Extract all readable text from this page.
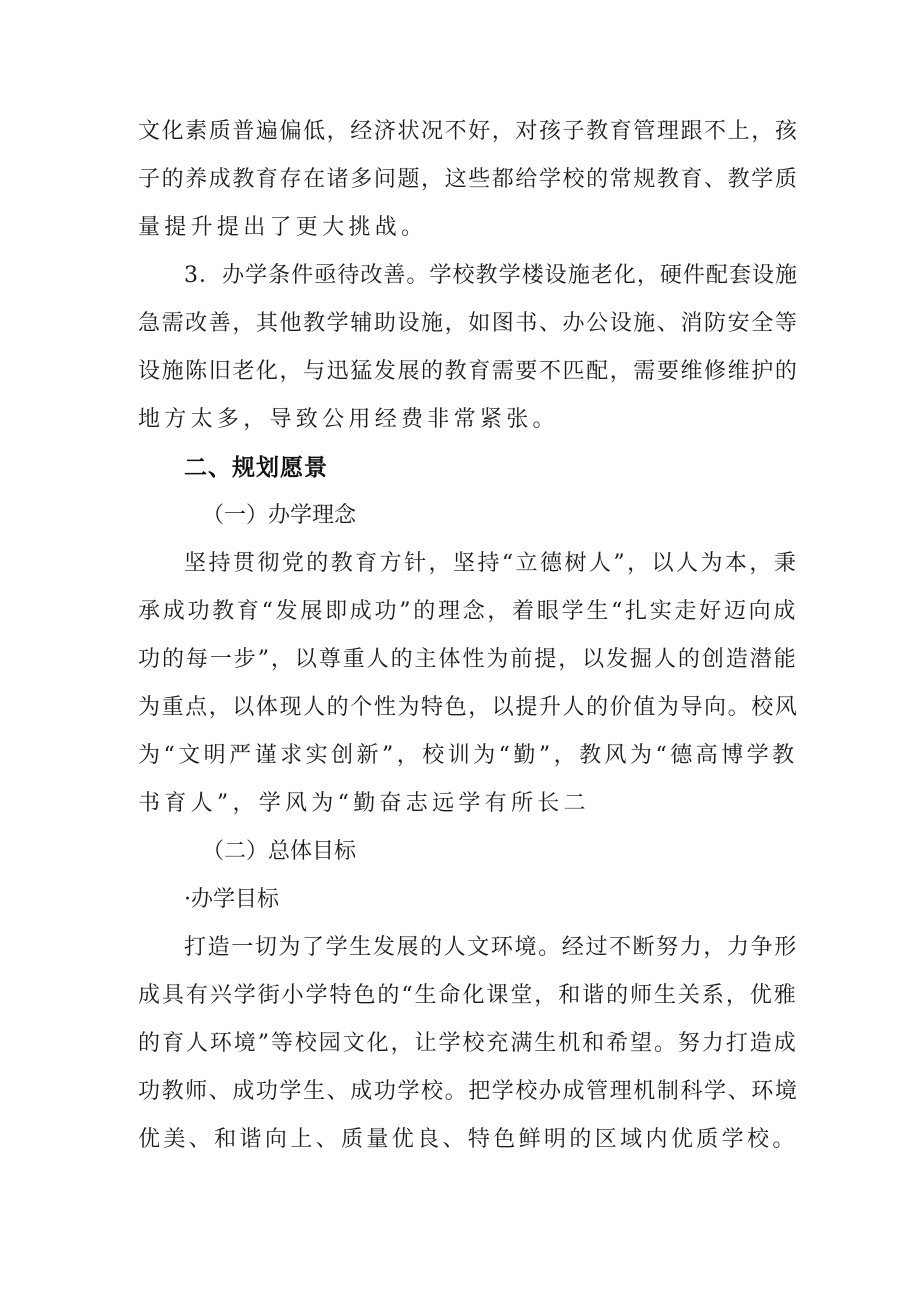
文化素质普遍偏低，经济状况不好，对孩子教育管理跟不上，孩
子的养成教育存在诸多问题，这些都给学校的常规教育、教学质
量提升提出了更大挑战。
3．办学条件亟待改善。学校教学楼设施老化，硬件配套设施
急需改善，其他教学辅助设施，如图书、办公设施、消防安全等
设施陈旧老化，与迅猛发展的教育需要不匹配，需要维修维护的
地方太多，导致公用经费非常紧张。
二、规划愿景
（一）办学理念
坚持贯彻党的教育方针，坚持“立德树人”，以人为本，秉
承成功教育“发展即成功”的理念，着眼学生“扎实走好迈向成
功的每一步”，以尊重人的主体性为前提，以发掘人的创造潜能
为重点，以体现人的个性为特色，以提升人的价值为导向。校风
为“文明严谨求实创新”，校训为“勤”，教风为“德高博学教
书育人”，学风为“勤奋志远学有所长二
（二）总体目标
·办学目标
打造一切为了学生发展的人文环境。经过不断努力，力争形
成具有兴学街小学特色的“生命化课堂，和谐的师生关系，优雅
的育人环境”等校园文化，让学校充满生机和希望。努力打造成
功教师、成功学生、成功学校。把学校办成管理机制科学、环境
优美、和谐向上、质量优良、特色鲜明的区域内优质学校。
